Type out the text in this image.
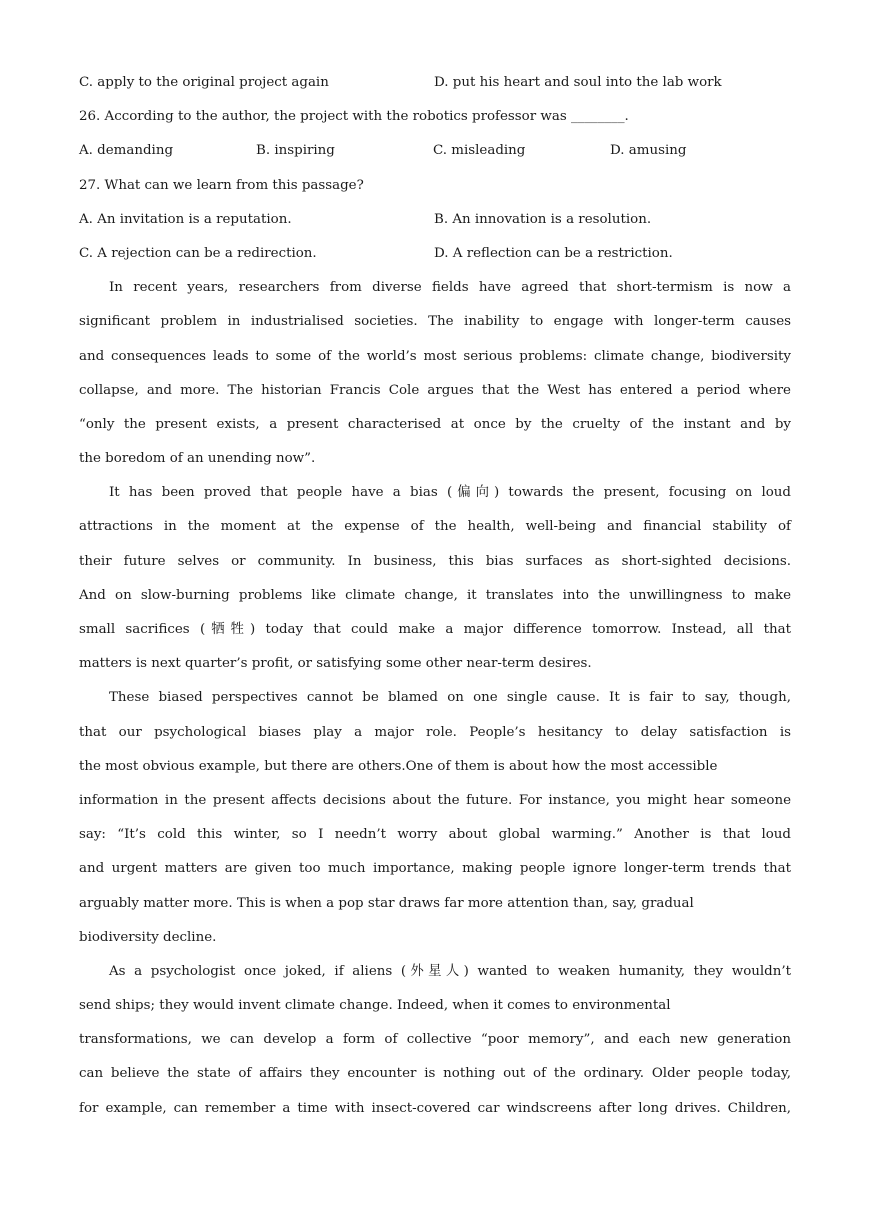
C. apply to the original project again	D. put his heart and soul into the lab work
26. According to the author, the project with the robotics professor was ________.
A. demanding	B. inspiring	C. misleading	D. amusing
27. What can we learn from this passage?
A. An invitation is a reputation.	B. An innovation is a resolution.
C. A rejection can be a redirection.	D. A reflection can be a restriction.
In recent years, researchers from diverse fields have agreed that short-termism is now a
significant problem in industrialised societies. The inability to engage with longer-term causes
and consequences leads to some of the world’s most serious problems: climate change, biodiversity
collapse, and more. The historian Francis Cole argues that the West has entered a period where
“only the present exists, a present characterised at once by the cruelty of the instant and by
the boredom of an unending now”.
It has been proved that people have a bias (偏向) towards the present, focusing on loud
attractions in the moment at the expense of the health, well-being and financial stability of
their future selves or community. In business, this bias surfaces as short-sighted decisions.
And on slow-burning problems like climate change, it translates into the unwillingness to make
small sacrifices (牺牲) today that could make a major difference tomorrow. Instead, all that
matters is next quarter’s profit, or satisfying some other near-term desires.
These biased perspectives cannot be blamed on one single cause. It is fair to say, though,
that our psychological biases play a major role. People’s hesitancy to delay satisfaction is
the most obvious example, but there are others.One of them is about how the most accessible
information in the present affects decisions about the future. For instance, you might hear someone
say: “It’s cold this winter, so I needn’t worry about global warming.” Another is that loud
and urgent matters are given too much importance, making people ignore longer-term trends that
arguably matter more. This is when a pop star draws far more attention than, say, gradual
biodiversity decline.
As a psychologist once joked, if aliens (外星人) wanted to weaken humanity, they wouldn’t
send ships; they would invent climate change. Indeed, when it comes to environmental
transformations, we can develop a form of collective “poor memory”, and each new generation
can believe the state of affairs they encounter is nothing out of the ordinary. Older people today,
for example, can remember a time with insect-covered car windscreens after long drives. Children,
